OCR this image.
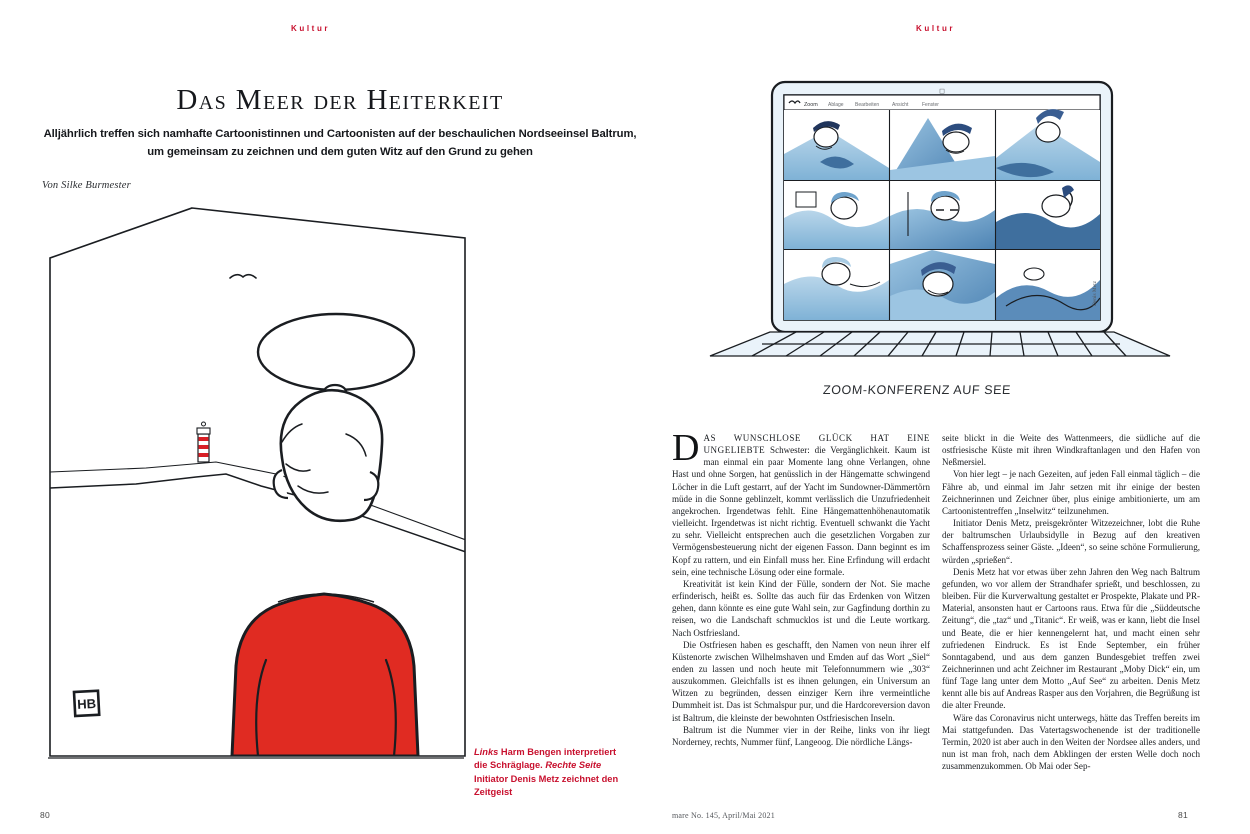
Kultur	Kultur
Das Meer der Heiterkeit
Alljährlich treffen sich namhafte Cartoonistinnen und Cartoonisten auf der beschaulichen Nordseeinsel Baltrum, um gemeinsam zu zeichnen und dem guten Witz auf den Grund zu gehen
Von Silke Burmester
HB
Links Harm Bengen interpretiert die Schräglage. Rechte Seite Initiator Denis Metz zeichnet den Zeitgeist
◻
Zoom Ablage Bearbeiten	Ansicht	Fenster
Denis Metz
ZOOM-KONFERENZ AUF SEE

DAS WUNSCHLOSE GLÜCK HAT EINE UNGELIEBTE Schwester: die Vergänglichkeit. Kaum ist man einmal ein paar Momente lang ohne Verlangen, ohne Hast und ohne Sorgen, hat genüsslich in der Hängematte schwingend Löcher in die Luft gestarrt, auf der Yacht im Sundowner-Dämmertörn müde in die Sonne geblinzelt, kommt verlässlich die Unzufriedenheit angekrochen. Irgendetwas fehlt. Eine Hängemattenhöhenautomatik vielleicht. Irgendetwas ist nicht richtig. Eventuell schwankt die Yacht zu sehr. Vielleicht entsprechen auch die gesetzlichen Vorgaben zur Vermögensbesteuerung nicht der eigenen Fasson. Dann beginnt es im Kopf zu rattern, und ein Einfall muss her. Eine Erfindung will erdacht sein, eine technische Lösung oder eine formale.

Kreativität ist kein Kind der Fülle, sondern der Not. Sie mache erfinderisch, heißt es. Sollte das auch für das Erdenken von Witzen gehen, dann könnte es eine gute Wahl sein, zur Gagfindung dorthin zu reisen, wo die Landschaft schmucklos ist und die Leute wortkarg. Nach Ostfriesland.

Die Ostfriesen haben es geschafft, den Namen von neun ihrer elf Küstenorte zwischen Wilhelmshaven und Emden auf das Wort „Siel“ enden zu lassen und noch heute mit Telefonnummern wie „303“ auszukommen. Gleichfalls ist es ihnen gelungen, ein Universum an Witzen zu begründen, dessen einziger Kern ihre vermeintliche Dummheit ist. Das ist Schmalspur pur, und die Hardcoreversion davon ist Baltrum, die kleinste der bewohnten Ostfriesischen Inseln.

Baltrum ist die Nummer vier in der Reihe, links von ihr liegt Norderney, rechts, Nummer fünf, Langeoog. Die nördliche Längs-

seite blickt in die Weite des Wattenmeers, die südliche auf die ostfriesische Küste mit ihren Windkraftanlagen und den Hafen von Neßmersiel.

Von hier legt – je nach Gezeiten, auf jeden Fall einmal täglich – die Fähre ab, und einmal im Jahr setzen mit ihr einige der besten Zeichnerinnen und Zeichner über, plus einige ambitionierte, um am Cartoonistentreffen „Inselwitz“ teilzunehmen.

Initiator Denis Metz, preisgekrönter Witzezeichner, lobt die Ruhe der baltrumschen Urlaubsidylle in Bezug auf den kreativen Schaffensprozess seiner Gäste. „Ideen“, so seine schöne Formulierung, würden „sprießen“.

Denis Metz hat vor etwas über zehn Jahren den Weg nach Baltrum gefunden, wo vor allem der Strandhafer sprießt, und beschlossen, zu bleiben. Für die Kurverwaltung gestaltet er Prospekte, Plakate und PR-Material, ansonsten haut er Cartoons raus. Etwa für die „Süddeutsche Zeitung“, die „taz“ und „Titanic“. Er weiß, was er kann, liebt die Insel und Beate, die er hier kennengelernt hat, und macht einen sehr zufriedenen Eindruck. Es ist Ende September, ein früher Sonntagabend, und aus dem ganzen Bundesgebiet treffen zwei Zeichnerinnen und acht Zeichner im Restaurant „Moby Dick“ ein, um fünf Tage lang unter dem Motto „Auf See“ zu arbeiten. Denis Metz kennt alle bis auf Andreas Rasper aus den Vorjahren, die Begrüßung ist die alter Freunde.

Wäre das Coronavirus nicht unterwegs, hätte das Treffen bereits im Mai stattgefunden. Das Vatertagswochenende ist der traditionelle Termin, 2020 ist aber auch in den Weiten der Nordsee alles anders, und nun ist man froh, nach dem Abklingen der ersten Welle doch noch zusammenzukommen. Ob Mai oder Sep-

80	mare No. 145, April/Mai 2021	81
